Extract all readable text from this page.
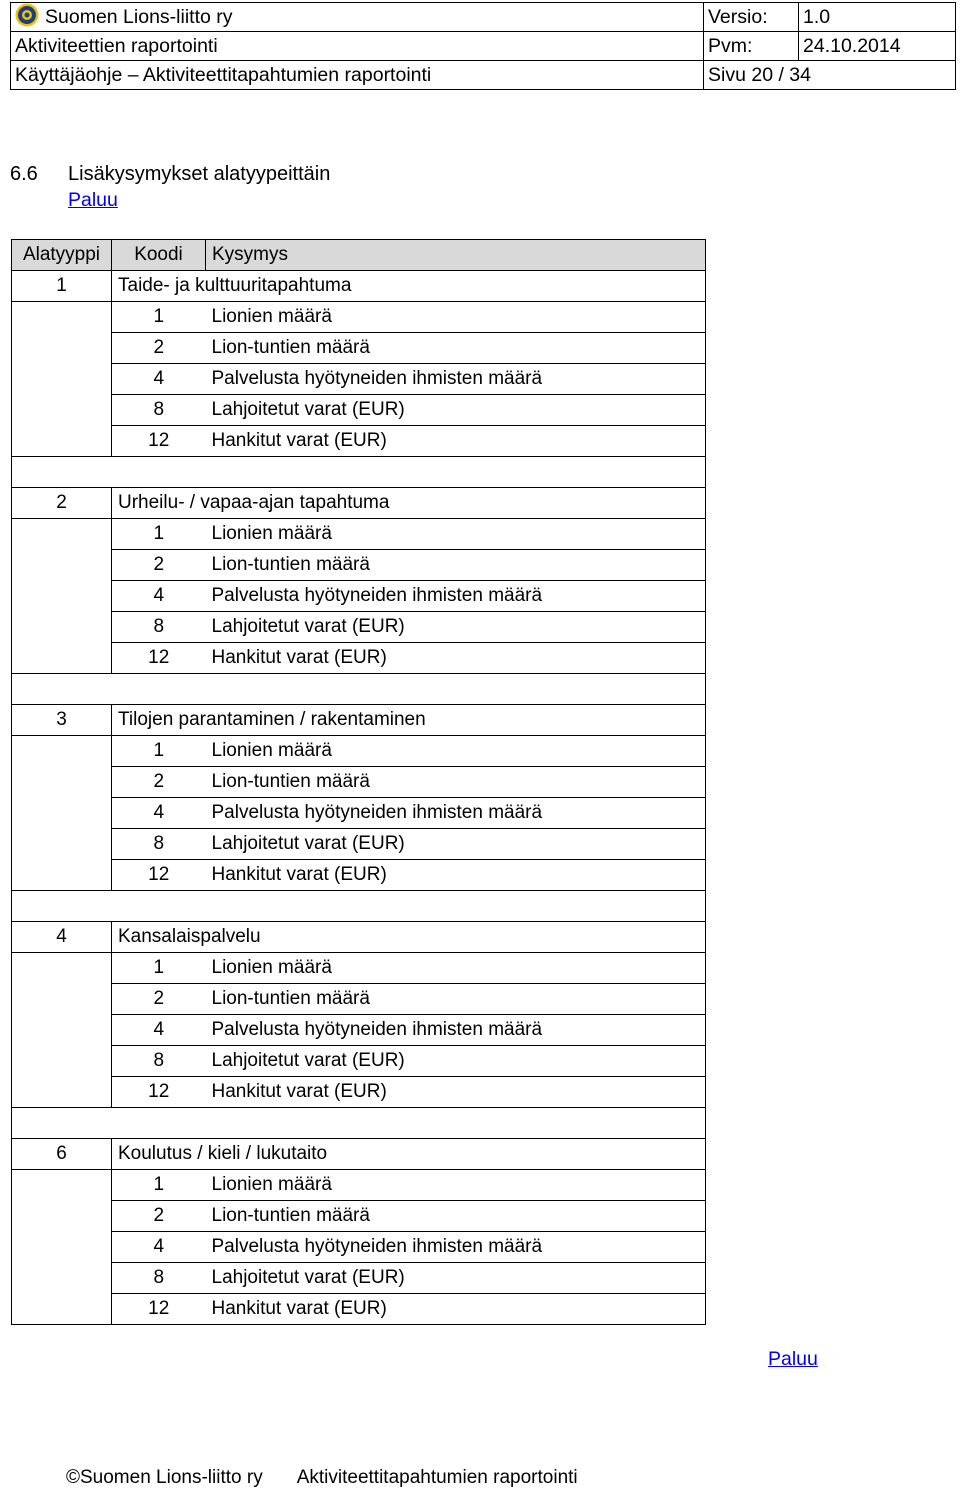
Suomen Lions-liitto ry	Versio:	1.0
Aktiviteettien raportointi	Pvm:	24.10.2014
Käyttäjäohje – Aktiviteettitapahtumien raportointi	Sivu 20 / 34	
6.6 Lisäkysymykset alatyypeittäin
Paluu
Alatyyppi	Koodi	Kysymys
1	Taide- ja kulttuuritapahtuma	
	1	Lionien määrä
	2	Lion-tuntien määrä
	4	Palvelusta hyötyneiden ihmisten määrä
	8	Lahjoitetut varat (EUR)
	12	Hankitut varat (EUR)

2	Urheilu- / vapaa-ajan tapahtuma	
	1	Lionien määrä
	2	Lion-tuntien määrä
	4	Palvelusta hyötyneiden ihmisten määrä
	8	Lahjoitetut varat (EUR)
	12	Hankitut varat (EUR)

3	Tilojen parantaminen / rakentaminen	
	1	Lionien määrä
	2	Lion-tuntien määrä
	4	Palvelusta hyötyneiden ihmisten määrä
	8	Lahjoitetut varat (EUR)
	12	Hankitut varat (EUR)

4	Kansalaispalvelu	
	1	Lionien määrä
	2	Lion-tuntien määrä
	4	Palvelusta hyötyneiden ihmisten määrä
	8	Lahjoitetut varat (EUR)
	12	Hankitut varat (EUR)

6	Koulutus / kieli / lukutaito	
	1	Lionien määrä
	2	Lion-tuntien määrä
	4	Palvelusta hyötyneiden ihmisten määrä
	8	Lahjoitetut varat (EUR)
	12	Hankitut varat (EUR)
Paluu
©Suomen Lions-liitto ry Aktiviteettitapahtumien raportointi
